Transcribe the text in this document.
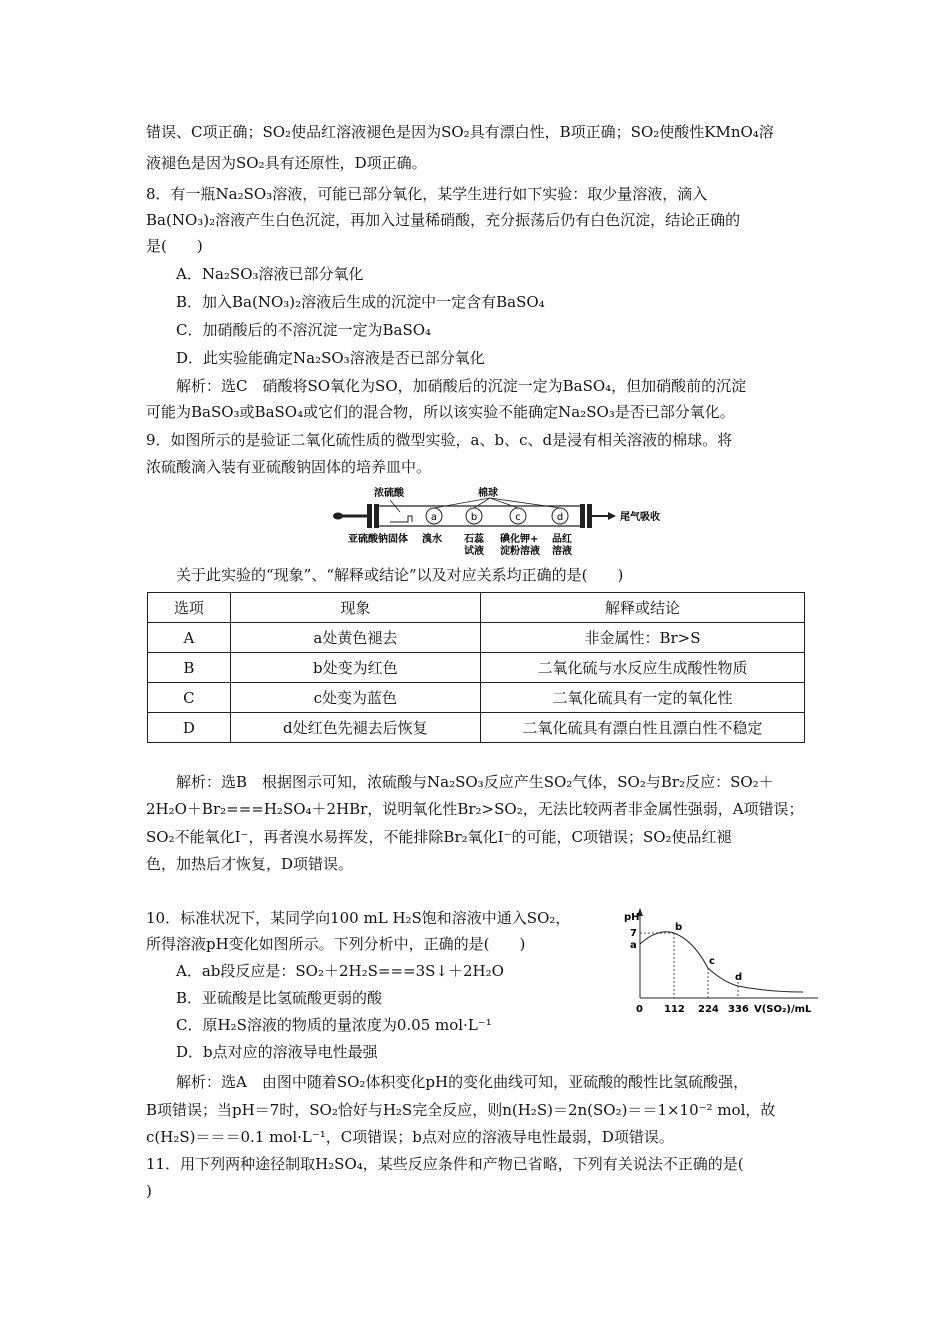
错误、C项正确；SO₂使品红溶液褪色是因为SO₂具有漂白性，B项正确；SO₂使酸性KMnO₄溶
液褪色是因为SO₂具有还原性，D项正确。
8．有一瓶Na₂SO₃溶液，可能已部分氧化，某学生进行如下实验：取少量溶液，滴入
Ba(NO₃)₂溶液产生白色沉淀，再加入过量稀硝酸，充分振荡后仍有白色沉淀，结论正确的
是(　　)
A．Na₂SO₃溶液已部分氧化
B．加入Ba(NO₃)₂溶液后生成的沉淀中一定含有BaSO₄
C．加硝酸后的不溶沉淀一定为BaSO₄
D．此实验能确定Na₂SO₃溶液是否已部分氧化
解析：选C　硝酸将SO氧化为SO，加硝酸后的沉淀一定为BaSO₄，但加硝酸前的沉淀
可能为BaSO₃或BaSO₄或它们的混合物，所以该实验不能确定Na₂SO₃是否已部分氧化。
9．如图所示的是验证二氧化硫性质的微型实验，a、b、c、d是浸有相关溶液的棉球。将
浓硫酸滴入装有亚硫酸钠固体的培养皿中。
a	b	c	d
浓硫酸	棉球
尾气吸收
亚硫酸钠固体 溴水 石蕊
试液
碘化钾+
淀粉溶液
品红
溶液
关于此实验的“现象”、“解释或结论”以及对应关系均正确的是(　　)
选项	现象	解释或结论
A	a处黄色褪去	非金属性：Br>S
B	b处变为红色	二氧化硫与水反应生成酸性物质
C	c处变为蓝色	二氧化硫具有一定的氧化性
D	d处红色先褪去后恢复	二氧化硫具有漂白性且漂白性不稳定
解析：选B　根据图示可知，浓硫酸与Na₂SO₃反应产生SO₂气体，SO₂与Br₂反应：SO₂＋
2H₂O＋Br₂===H₂SO₄＋2HBr，说明氧化性Br₂>SO₂，无法比较两者非金属性强弱，A项错误；
SO₂不能氧化I⁻，再者溴水易挥发，不能排除Br₂氧化I⁻的可能，C项错误；SO₂使品红褪
色，加热后才恢复，D项错误。
10．标准状况下，某同学向100 mL H₂S饱和溶液中通入SO₂，
所得溶液pH变化如图所示。下列分析中，正确的是(　　)
A．ab段反应是：SO₂＋2H₂S===3S↓＋2H₂O
B．亚硫酸是比氢硫酸更弱的酸
C．原H₂S溶液的物质的量浓度为0.05 mol·L⁻¹
D．b点对应的溶液导电性最强
pH
7
a
b
c
d
0 112 224 336 V(SO₂)/mL
解析：选A　由图中随着SO₂体积变化pH的变化曲线可知，亚硫酸的酸性比氢硫酸强，
B项错误；当pH＝7时，SO₂恰好与H₂S完全反应，则n(H₂S)＝2n(SO₂)＝＝1×10⁻² mol，故
c(H₂S)＝＝＝0.1 mol·L⁻¹，C项错误；b点对应的溶液导电性最弱，D项错误。
11．用下列两种途径制取H₂SO₄，某些反应条件和产物已省略，下列有关说法不正确的是(
)
